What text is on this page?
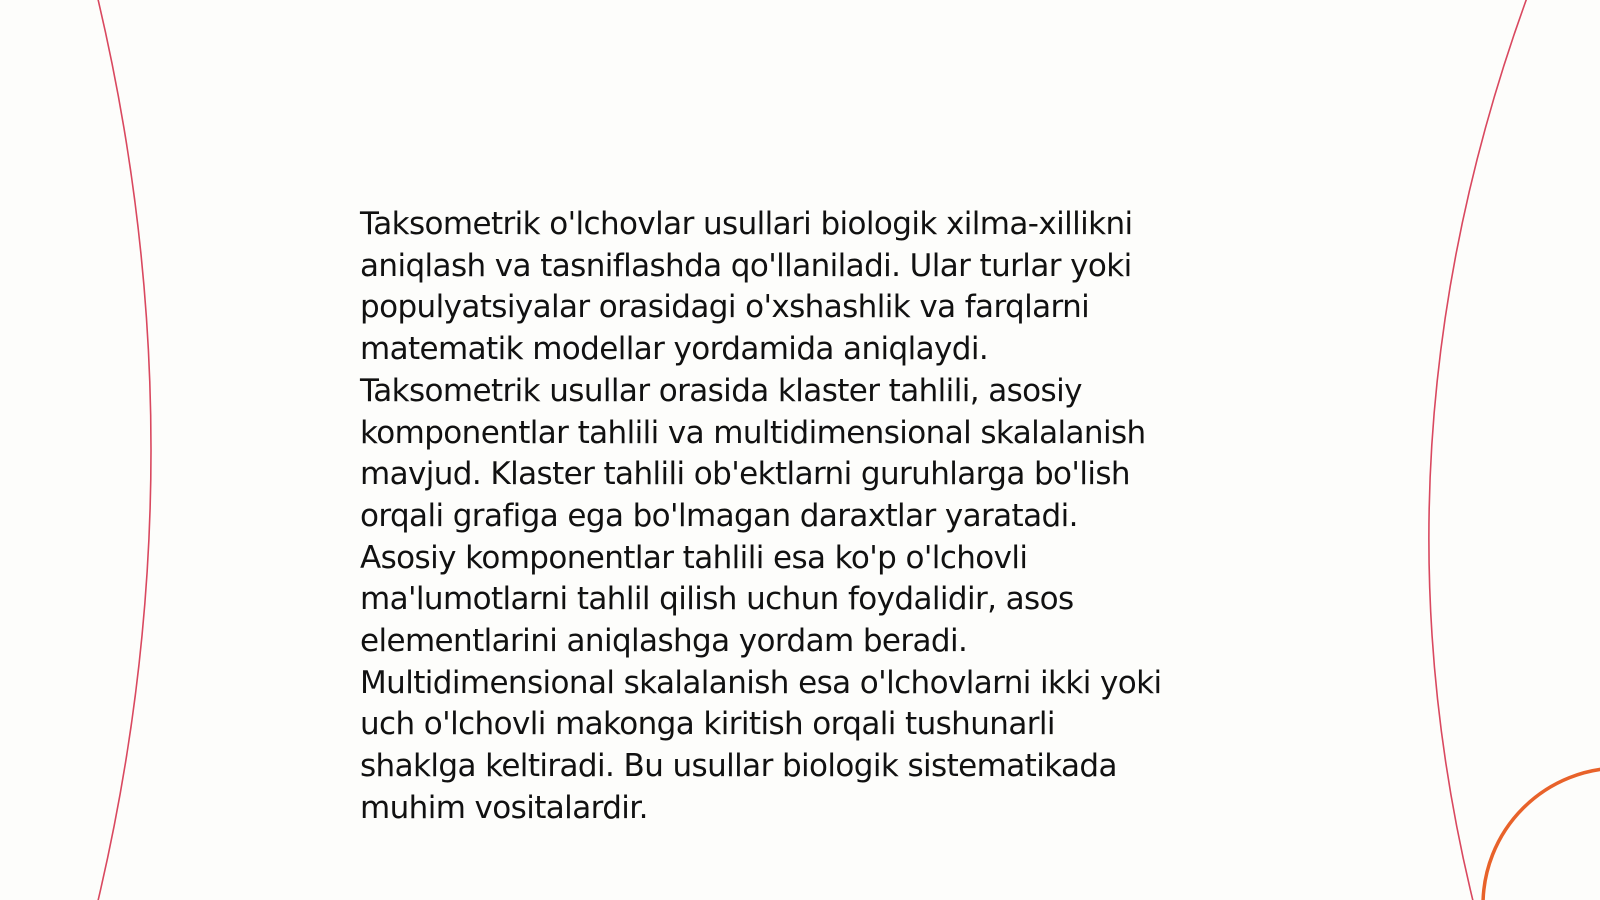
Taksometrik o'lchovlar usullari biologik xilma-xillikni
aniqlash va tasniflashda qo'llaniladi. Ular turlar yoki
populyatsiyalar orasidagi o'xshashlik va farqlarni
matematik modellar yordamida aniqlaydi.
Taksometrik usullar orasida klaster tahlili, asosiy
komponentlar tahlili va multidimensional skalalanish
mavjud. Klaster tahlili ob'ektlarni guruhlarga bo'lish
orqali grafiga ega bo'lmagan daraxtlar yaratadi.
Asosiy komponentlar tahlili esa ko'p o'lchovli
ma'lumotlarni tahlil qilish uchun foydalidir, asos
elementlarini aniqlashga yordam beradi.
Multidimensional skalalanish esa o'lchovlarni ikki yoki
uch o'lchovli makonga kiritish orqali tushunarli
shaklga keltiradi. Bu usullar biologik sistematikada
muhim vositalardir.
